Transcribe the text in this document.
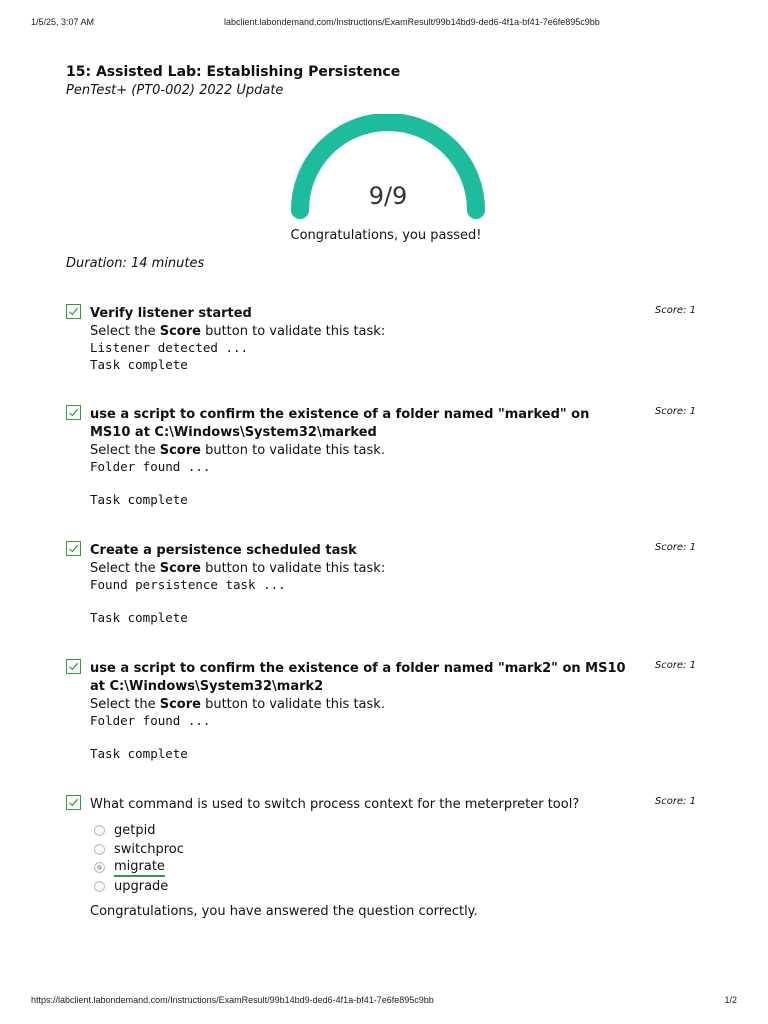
1/5/25, 3:07 AM	labclient.labondemand.com/Instructions/ExamResult/99b14bd9-ded6-4f1a-bf41-7e6fe895c9bb
15: Assisted Lab: Establishing Persistence
PenTest+ (PT0-002) 2022 Update
9/9
Congratulations, you passed!
Duration: 14 minutes
Verify listener started
Select the Score button to validate this task:
Listener detected ...
Task complete
Score: 1
use a script to confirm the existence of a folder named "marked" on MS10 at C:\Windows\System32\marked
Select the Score button to validate this task.
Folder found ...

Task complete
Score: 1
Create a persistence scheduled task
Select the Score button to validate this task:
Found persistence task ...

Task complete
Score: 1
use a script to confirm the existence of a folder named "mark2" on MS10 at C:\Windows\System32\mark2
Select the Score button to validate this task.
Folder found ...

Task complete
Score: 1
What command is used to switch process context for the meterpreter tool?
getpid
switchproc
migrate
upgrade
Congratulations, you have answered the question correctly.
Score: 1
https://labclient.labondemand.com/Instructions/ExamResult/99b14bd9-ded6-4f1a-bf41-7e6fe895c9bb	1/2
